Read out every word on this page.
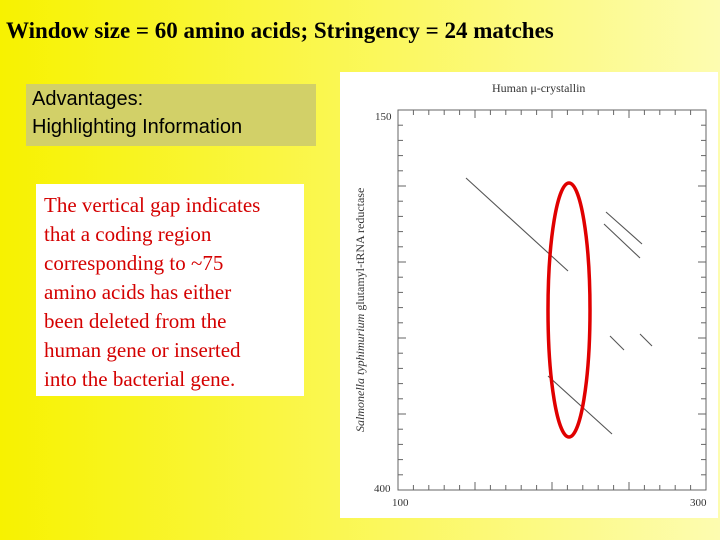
Window size = 60 amino acids; Stringency = 24 matches
Advantages:
Highlighting Information
The vertical gap indicates
that a coding region
corresponding to ~75
amino acids has either
been deleted from the
human gene or inserted
into the bacterial gene.
Human μ-crystallin
Salmonella typhimurium glutamyl-tRNA reductase
150
400
100	300
